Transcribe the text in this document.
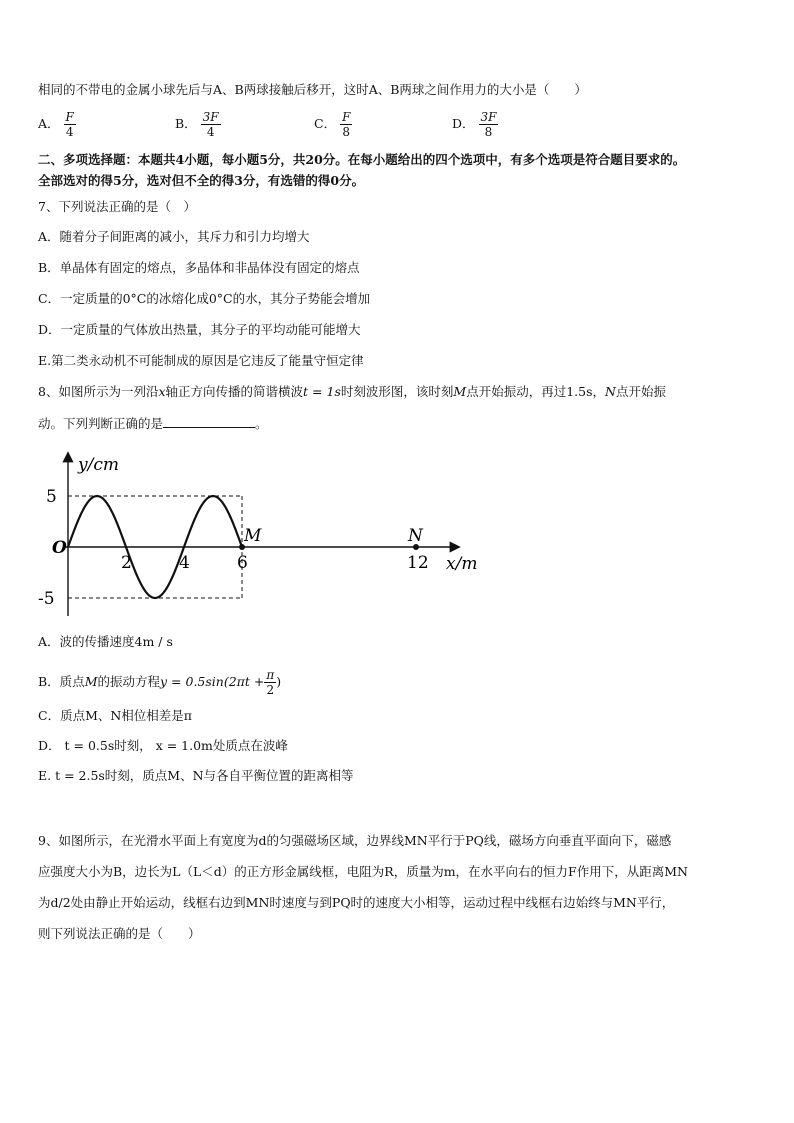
相同的不带电的金属小球先后与A、B两球接触后移开，这时A、B两球之间作用力的大小是（　　）
A． $\frac{F}{4}$	B． $\frac{3F}{4}$	C． $\frac{F}{8}$	D． $\frac{3F}{8}$
二、多项选择题：本题共4小题，每小题5分，共20分。在每小题给出的四个选项中，有多个选项是符合题目要求的。
全部选对的得5分，选对但不全的得3分，有选错的得0分。
7、下列说法正确的是（　）
A．随着分子间距离的减小，其斥力和引力均增大
B．单晶体有固定的熔点，多晶体和非晶体没有固定的熔点
C．一定质量的0°C的冰熔化成0°C的水，其分子势能会增加
D．一定质量的气体放出热量，其分子的平均动能可能增大
E.第二类永动机不可能制成的原因是它违反了能量守恒定律
8、如图所示为一列沿x轴正方向传播的简谐横波t = 1s时刻波形图，该时刻M点开始振动，再过1.5s，N点开始振
动。下列判断正确的是	。
y/cm
x/m
O
5
-5
2	4	6	12
M	N
A．波的传播速度4m / s
B．质点M的振动方程$y = 0.5\sin(2\pi t + \frac{\pi}{2}$ )
C．质点M、N相位相差是π
D． t = 0.5s时刻， x = 1.0m处质点在波峰
E. t = 2.5s时刻，质点M、N与各自平衡位置的距离相等
9、如图所示，在光滑水平面上有宽度为d的匀强磁场区域，边界线MN平行于PQ线，磁场方向垂直平面向下，磁感
应强度大小为B，边长为L（L＜d）的正方形金属线框，电阻为R，质量为m，在水平向右的恒力F作用下，从距离MN
为d/2处由静止开始运动，线框右边到MN时速度与到PQ时的速度大小相等，运动过程中线框右边始终与MN平行，
则下列说法正确的是（　　）
